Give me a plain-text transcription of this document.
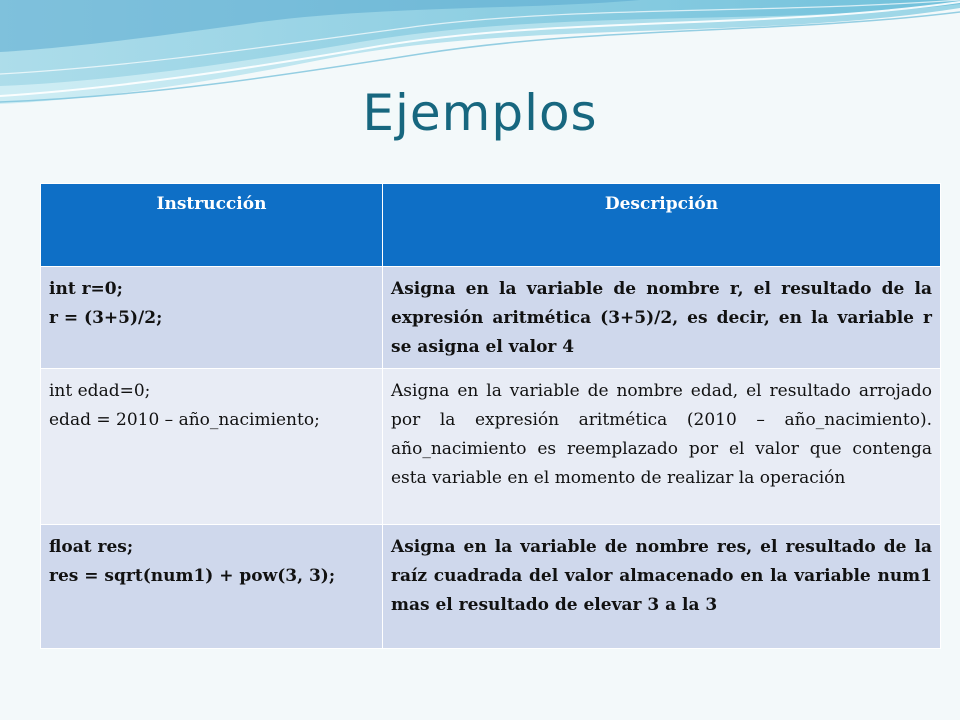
Ejemplos
Instrucción	Descripción

int r=0;
r = (3+5)/2;	Asigna en la variable de nombre r, el resultado de la expresión aritmética (3+5)/2, es decir, en la variable r se asigna el valor 4

int edad=0;
edad = 2010 – año_nacimiento;	Asigna en la variable de nombre edad, el resultado arrojado por la expresión aritmética (2010 – año_nacimiento). año_nacimiento es reemplazado por el valor que contenga esta variable en el momento de realizar la operación

float res;
res = sqrt(num1) + pow(3, 3);	Asigna en la variable de nombre res, el resultado de la raíz cuadrada del valor almacenado en la variable num1 mas el resultado de elevar 3 a la 3
